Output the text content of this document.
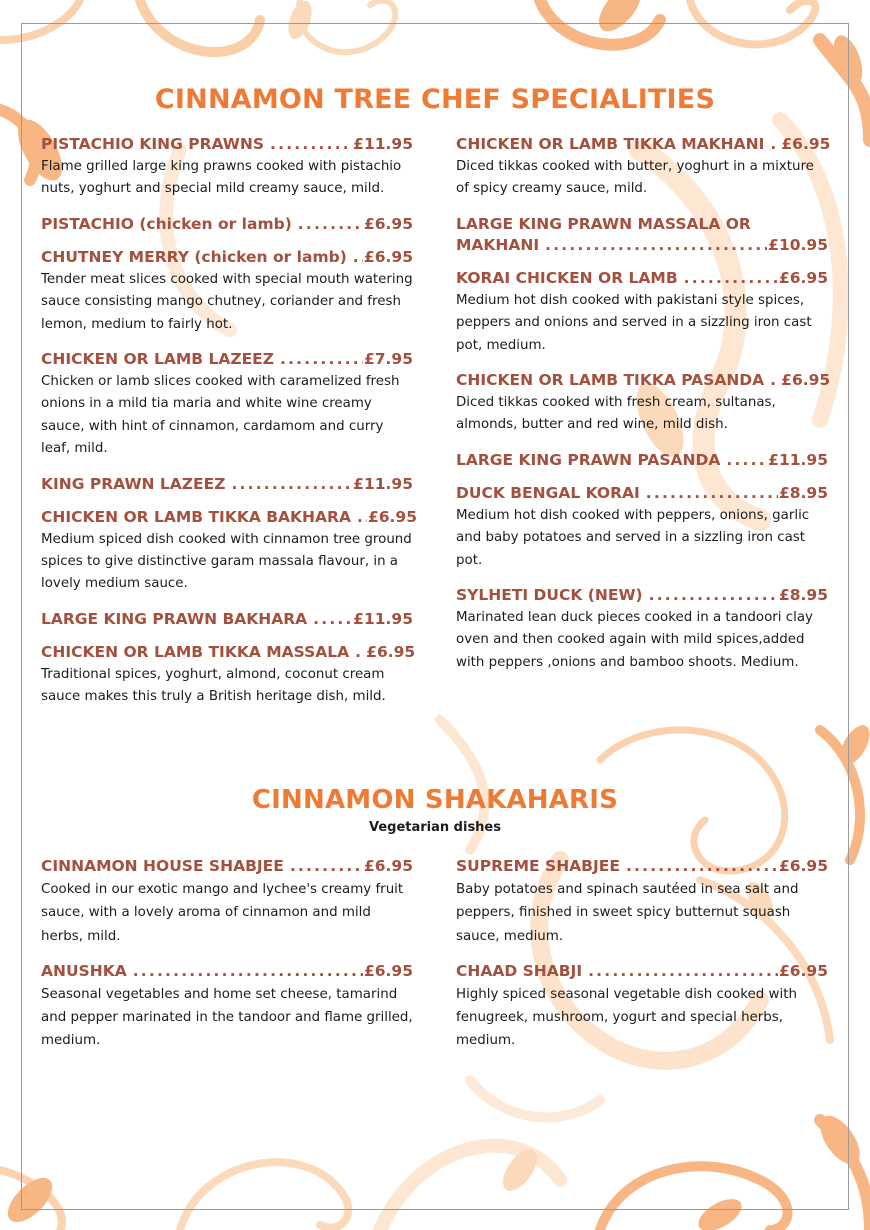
CINNAMON TREE CHEF SPECIALITIES
PISTACHIO KING PRAWNS . . .	£11.95

Flame grilled large king prawns cooked with pistachio nuts, yoghurt and special mild creamy sauce, mild.

PISTACHIO (chicken or lamb) . . .	£6.95
CHUTNEY MERRY (chicken or lamb) . . . £6.95

Tender meat slices cooked with special mouth watering sauce consisting mango chutney, coriander and fresh lemon, medium to fairly hot.

CHICKEN OR LAMB LAZEEZ . . .	£7.95

Chicken or lamb slices cooked with caramelized fresh onions in a mild tia maria and white wine creamy sauce, with hint of cinnamon, cardamom and curry leaf, mild.

KING PRAWN LAZEEZ . . .	£11.95
CHICKEN OR LAMB TIKKA BAKHARA . . . £6.95

Medium spiced dish cooked with cinnamon tree ground spices to give distinctive garam massala flavour, in a lovely medium sauce.

LARGE KING PRAWN BAKHARA . . .	£11.95
CHICKEN OR LAMB TIKKA MASSALA . . . £6.95

Traditional spices, yoghurt, almond, coconut cream sauce makes this truly a British heritage dish, mild.

CHICKEN OR LAMB TIKKA MAKHANI . . . £6.95

Diced tikkas cooked with butter, yoghurt in a mixture of spicy creamy sauce, mild.

LARGE KING PRAWN MASSALA OR
MAKHANI . . .	£10.95
KORAI CHICKEN OR LAMB . . .	£6.95

Medium hot dish cooked with pakistani style spices, peppers and onions and served in a sizzling iron cast pot, medium.

CHICKEN OR LAMB TIKKA PASANDA . . . £6.95

Diced tikkas cooked with fresh cream, sultanas, almonds, butter and red wine, mild dish.

LARGE KING PRAWN PASANDA . . .	£11.95
DUCK BENGAL KORAI . . .	£8.95

Medium hot dish cooked with peppers, onions, garlic and baby potatoes and served in a sizzling iron cast pot.

SYLHETI DUCK (NEW) . . .	£8.95

Marinated lean duck pieces cooked in a tandoori clay oven and then cooked again with mild spices,added with peppers ,onions and bamboo shoots. Medium.

CINNAMON SHAKAHARIS
Vegetarian dishes
CINNAMON HOUSE SHABJEE . . .	£6.95

Cooked in our exotic mango and lychee's creamy fruit sauce, with a lovely aroma of cinnamon and mild herbs, mild.

ANUSHKA . . .	£6.95

Seasonal vegetables and home set cheese, tamarind and pepper marinated in the tandoor and flame grilled, medium.

SUPREME SHABJEE . . .	£6.95

Baby potatoes and spinach sautéed in sea salt and peppers, finished in sweet spicy butternut squash sauce, medium.

CHAAD SHABJI . . .	£6.95

Highly spiced seasonal vegetable dish cooked with fenugreek, mushroom, yogurt and special herbs, medium.
